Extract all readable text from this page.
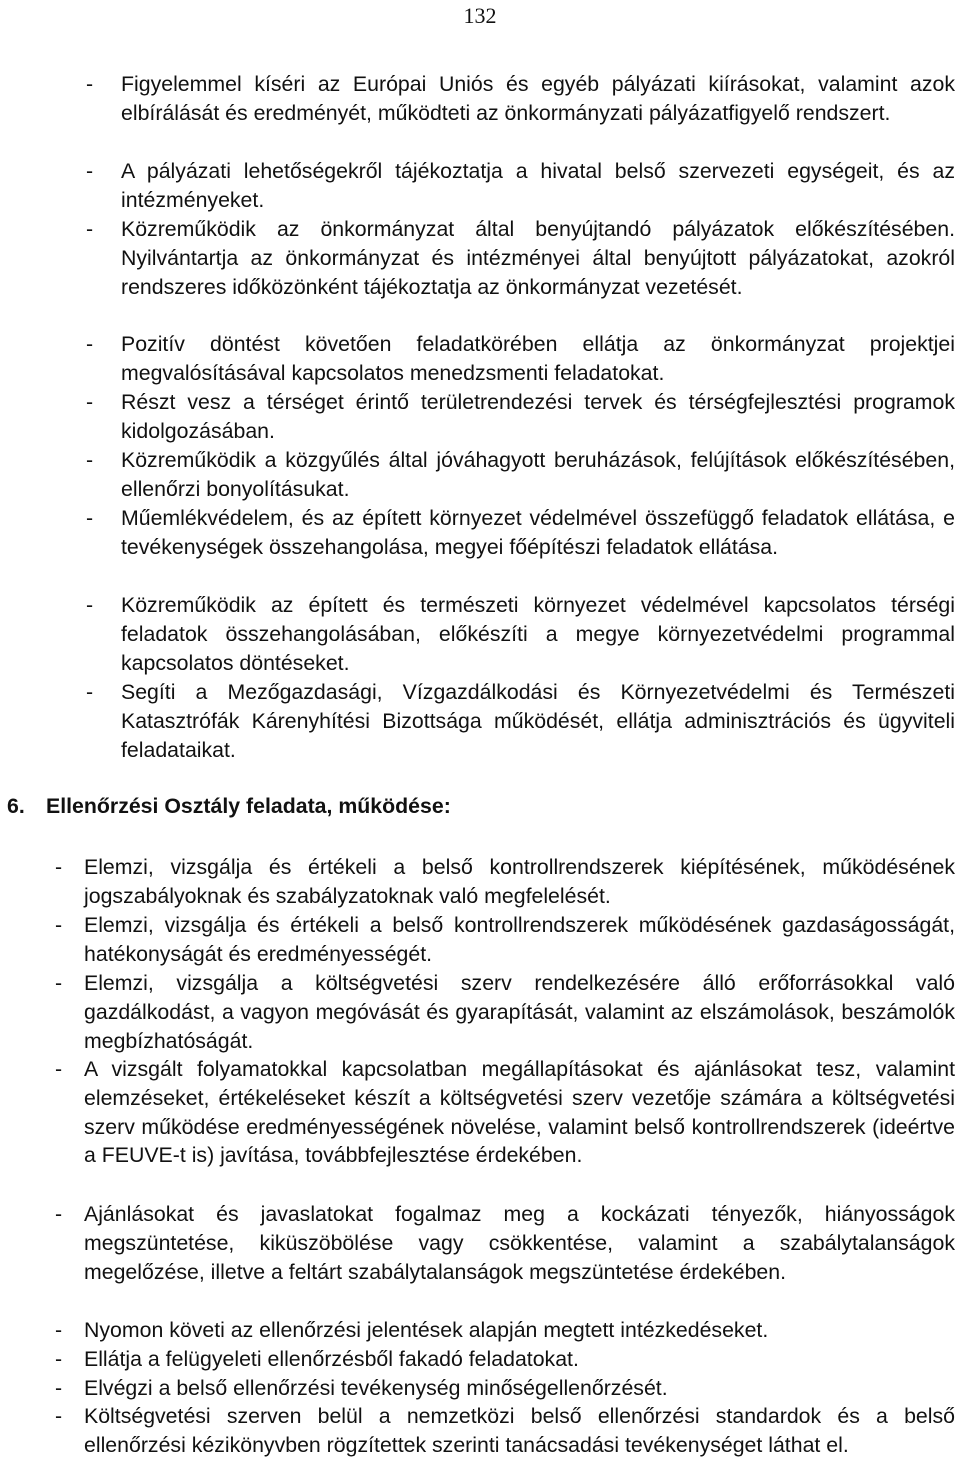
132
- Figyelemmel kíséri az Európai Uniós és egyéb pályázati kiírásokat, valamint azok elbírálását és eredményét, működteti az önkormányzati pályázatfigyelő rendszert.
- A pályázati lehetőségekről tájékoztatja a hivatal belső szervezeti egységeit, és az intézményeket.
- Közreműködik az önkormányzat által benyújtandó pályázatok előkészítésében. Nyilvántartja az önkormányzat és intézményei által benyújtott pályázatokat, azokról rendszeres időközönként tájékoztatja az önkormányzat vezetését.
- Pozitív döntést követően feladatkörében ellátja az önkormányzat projektjei megvalósításával kapcsolatos menedzsmenti feladatokat.
- Részt vesz a térséget érintő területrendezési tervek és térségfejlesztési programok kidolgozásában.
- Közreműködik a közgyűlés által jóváhagyott beruházások, felújítások előkészítésében, ellenőrzi bonyolításukat.
- Műemlékvédelem, és az épített környezet védelmével összefüggő feladatok ellátása, e tevékenységek összehangolása, megyei főépítészi feladatok ellátása.
- Közreműködik az épített és természeti környezet védelmével kapcsolatos térségi feladatok összehangolásában, előkészíti a megye környezetvédelmi programmal kapcsolatos döntéseket.
- Segíti a Mezőgazdasági, Vízgazdálkodási és Környezetvédelmi és Természeti Katasztrófák Kárenyhítési Bizottsága működését, ellátja adminisztrációs és ügyviteli feladataikat.
6. Ellenőrzési Osztály feladata, működése:
- Elemzi, vizsgálja és értékeli a belső kontrollrendszerek kiépítésének, működésének jogszabályoknak és szabályzatoknak való megfelelését.
- Elemzi, vizsgálja és értékeli a belső kontrollrendszerek működésének gazdaságosságát, hatékonyságát és eredményességét.
- Elemzi, vizsgálja a költségvetési szerv rendelkezésére álló erőforrásokkal való gazdálkodást, a vagyon megóvását és gyarapítását, valamint az elszámolások, beszámolók megbízhatóságát.
- A vizsgált folyamatokkal kapcsolatban megállapításokat és ajánlásokat tesz, valamint elemzéseket, értékeléseket készít a költségvetési szerv vezetője számára a költségvetési szerv működése eredményességének növelése, valamint belső kontrollrendszerek (ideértve a FEUVE-t is) javítása, továbbfejlesztése érdekében.
- Ajánlásokat és javaslatokat fogalmaz meg a kockázati tényezők, hiányosságok megszüntetése, kiküszöbölése vagy csökkentése, valamint a szabálytalanságok megelőzése, illetve a feltárt szabálytalanságok megszüntetése érdekében.
- Nyomon követi az ellenőrzési jelentések alapján megtett intézkedéseket.
- Ellátja a felügyeleti ellenőrzésből fakadó feladatokat.
- Elvégzi a belső ellenőrzési tevékenység minőségellenőrzését.
- Költségvetési szerven belül a nemzetközi belső ellenőrzési standardok és a belső ellenőrzési kézikönyvben rögzítettek szerinti tanácsadási tevékenységet láthat el.
